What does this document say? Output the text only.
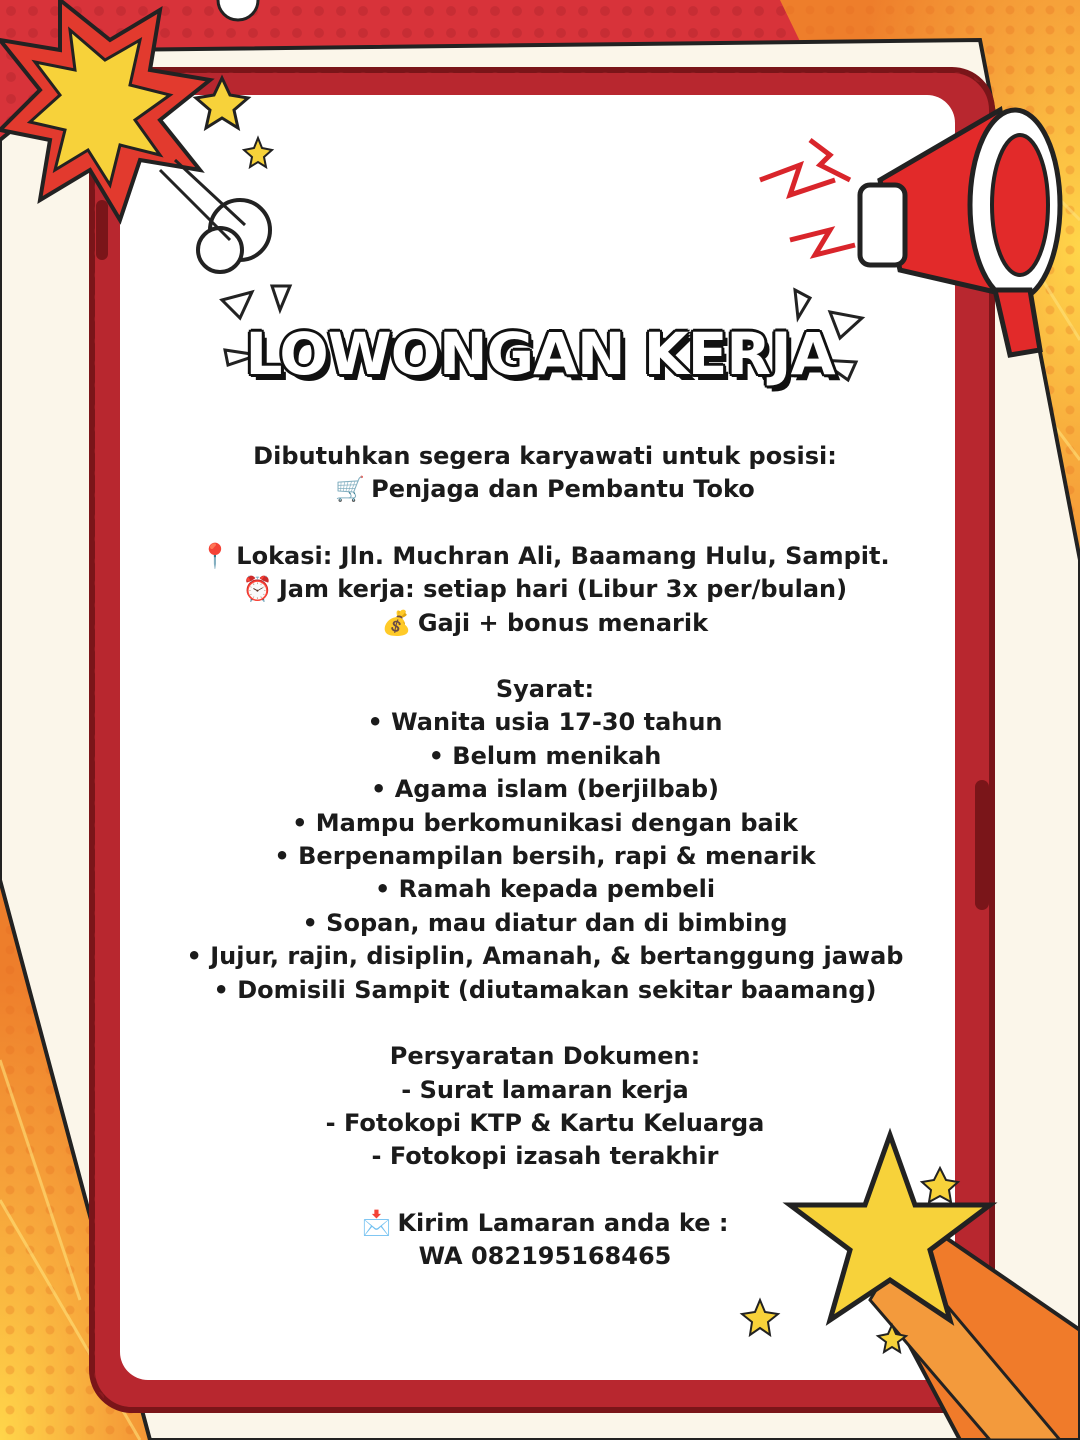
LOWONGAN KERJA
Dibutuhkan segera karyawati untuk posisi:
🛒 Penjaga dan Pembantu Toko
📍 Lokasi: Jln. Muchran Ali, Baamang Hulu, Sampit.
⏰ Jam kerja: setiap hari (Libur 3x per/bulan)
💰 Gaji + bonus menarik
Syarat:
• Wanita usia 17-30 tahun
• Belum menikah
• Agama islam (berjilbab)
• Mampu berkomunikasi dengan baik
• Berpenampilan bersih, rapi & menarik
• Ramah kepada pembeli
• Sopan, mau diatur dan di bimbing
• Jujur, rajin, disiplin, Amanah, & bertanggung jawab
• Domisili Sampit (diutamakan sekitar baamang)
Persyaratan Dokumen:
- Surat lamaran kerja
- Fotokopi KTP & Kartu Keluarga
- Fotokopi izasah terakhir
📩 Kirim Lamaran anda ke :
WA 082195168465
